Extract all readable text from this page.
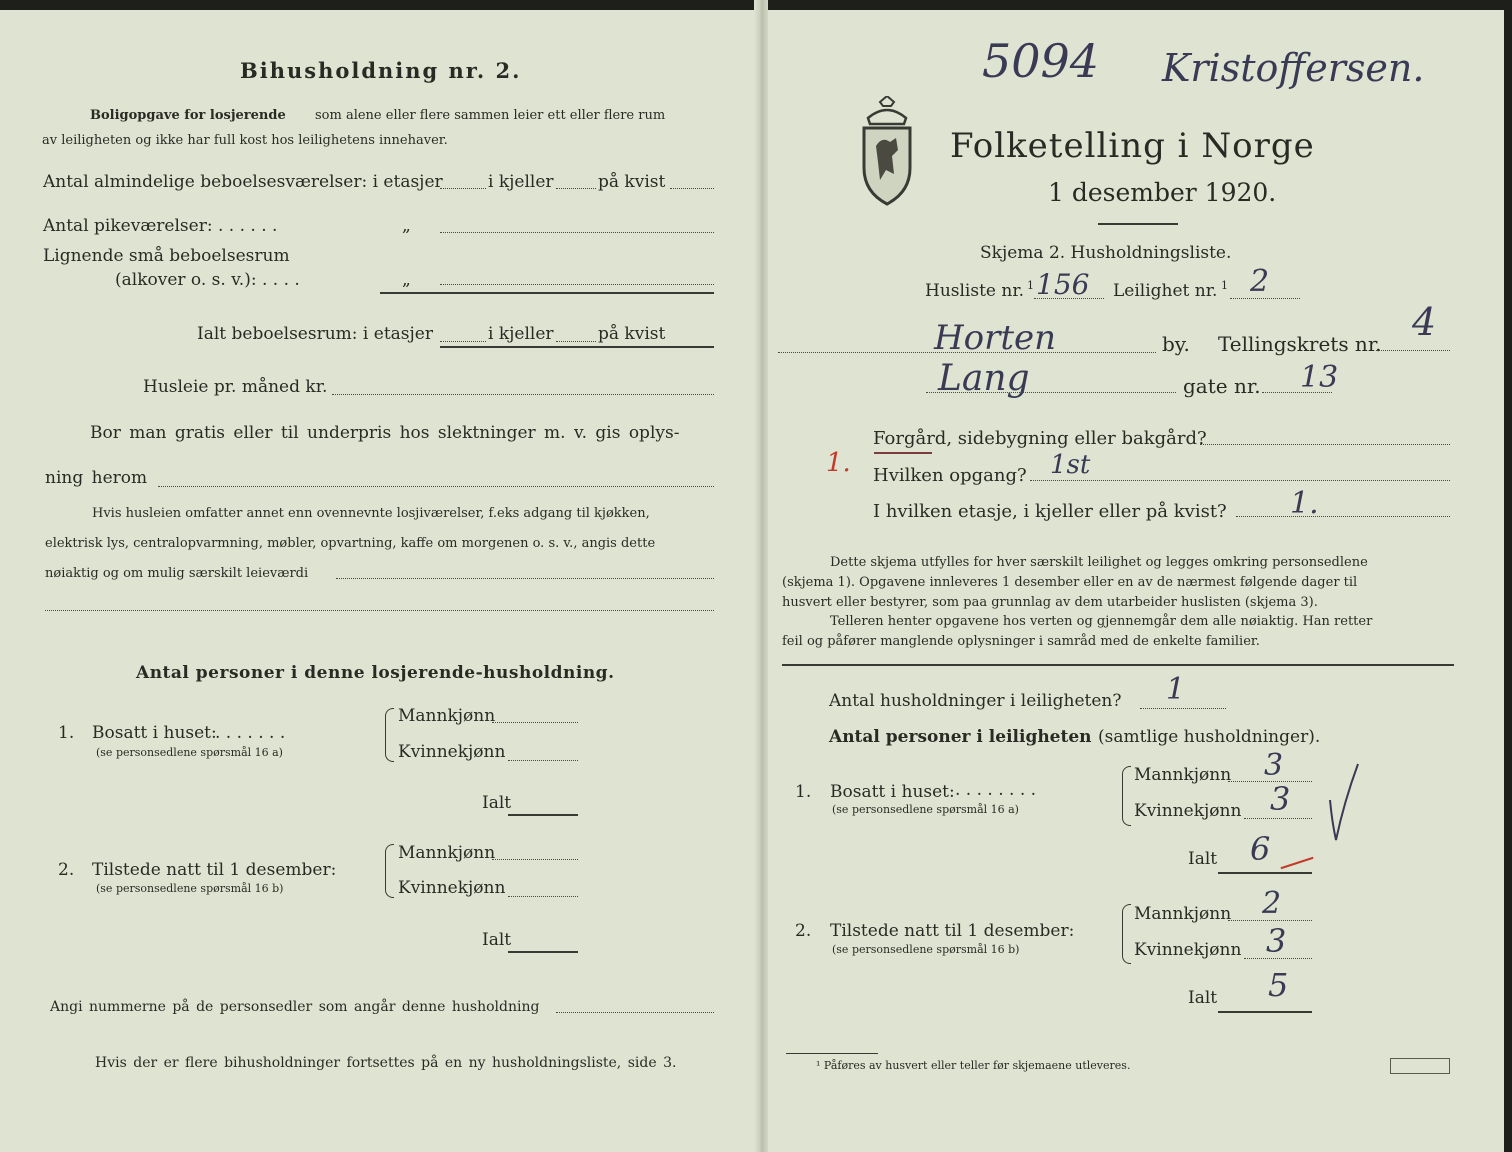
Bihusholdning nr. 2.
Boligopgave for losjerende som alene eller flere sammen leier ett eller flere rum
av leiligheten og ikke har full kost hos leilighetens innehaver.
Antal almindelige beboelsesværelser: i etasjer	i kjeller	på kvist
Antal pikeværelser: . . . . . .	„
Lignende små beboelsesrum
(alkover o. s. v.): . . . .	„
Ialt beboelsesrum: i etasjer	i kjeller	på kvist
Husleie pr. måned kr.
Bor man gratis eller til underpris hos slektninger m. v. gis oplys-
ning herom
Hvis husleien omfatter annet enn ovennevnte losjiværelser, f.eks adgang til kjøkken,
elektrisk lys, centralopvarmning, møbler, opvartning, kaffe om morgenen o. s. v., angis dette
nøiaktig og om mulig særskilt leieværdi
Antal personer i denne losjerende-husholdning.
1. Bosatt i huset:
. . . . . . .
(se personsedlene spørsmål 16 a)
Mannkjønn
Kvinnekjønn
Ialt
2. Tilstede natt til 1 desember:
(se personsedlene spørsmål 16 b)
Mannkjønn
Kvinnekjønn
Ialt
Angi nummerne på de personsedler som angår denne husholdning
Hvis der er flere bihusholdninger fortsettes på en ny husholdningsliste, side 3.
5094 Kristoffersen.
Folketelling i Norge
1 desember 1920.
Skjema 2. Husholdningsliste.
Husliste nr. 1 156 Leilighet nr. 1 2
Horten	by. Tellingskrets nr. 4
Lang	gate nr. 13
Forgård, sidebygning eller bakgård?
1. Hvilken opgang? 1st
I hvilken etasje, i kjeller eller på kvist? 1.
Dette skjema utfylles for hver særskilt leilighet og legges omkring personsedlene
(skjema 1). Opgavene innleveres 1 desember eller en av de nærmest følgende dager til
husvert eller bestyrer, som paa grunnlag av dem utarbeider huslisten (skjema 3).
Telleren henter opgavene hos verten og gjennemgår dem alle nøiaktig. Han retter
feil og påfører manglende oplysninger i samråd med de enkelte familier.
Antal husholdninger i leiligheten? 1
Antal personer i leiligheten (samtlige husholdninger).
1. Bosatt i huset: . . . . . . . .
(se personsedlene spørsmål 16 a)
Mannkjønn 3
Kvinnekjønn 3
Ialt 6
2. Tilstede natt til 1 desember:
(se personsedlene spørsmål 16 b)
Mannkjønn 2
Kvinnekjønn 3
Ialt 5
¹ Påføres av husvert eller teller før skjemaene utleveres.
